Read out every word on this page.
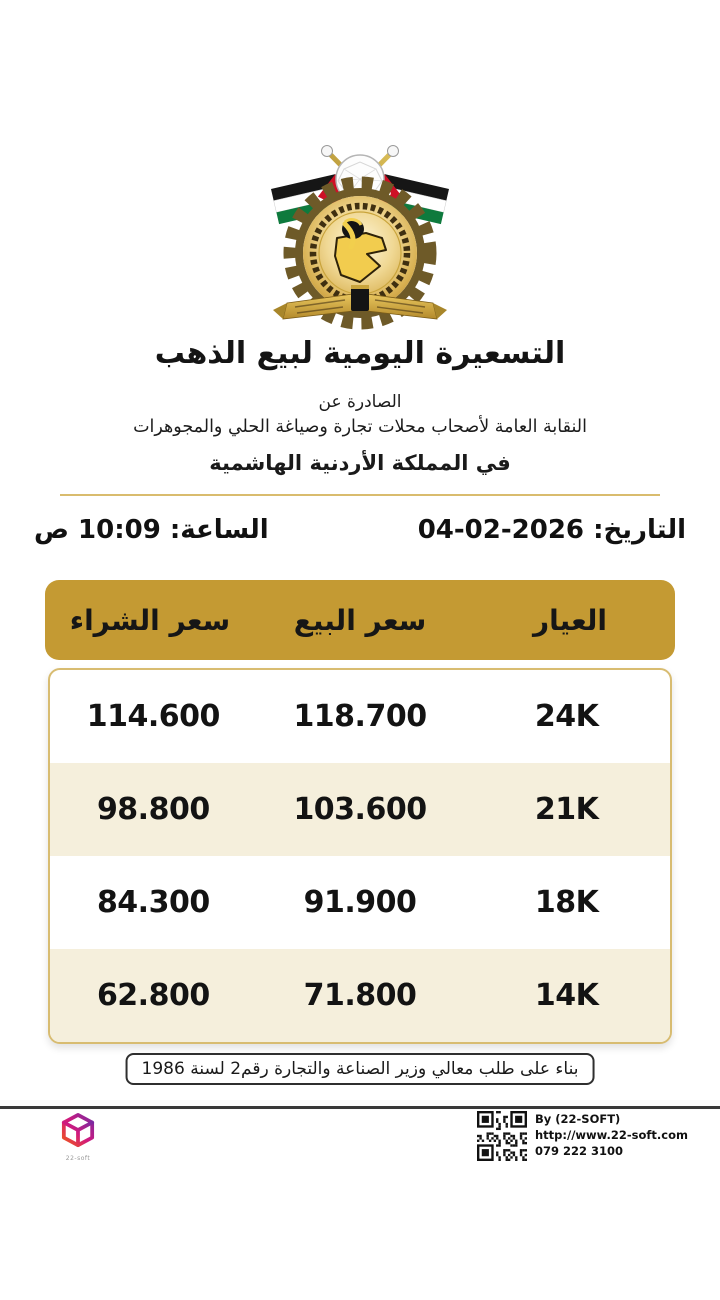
التسعيرة اليومية لبيع الذهب
الصادرة عن
النقابة العامة لأصحاب محلات تجارة وصياغة الحلي والمجوهرات
في المملكة الأردنية الهاشمية
التاريخ: 04-02-2026
الساعة: 10:09 ص
العيار
سعر البيع
سعر الشراء
24K
118.700
114.600
21K
103.600
98.800
18K
91.900
84.300
14K
71.800
62.800
بناء على طلب معالي وزير الصناعة والتجارة رقم2 لسنة 1986
22-soft
By (22-SOFT)
http://www.22-soft.com
079 222 3100
